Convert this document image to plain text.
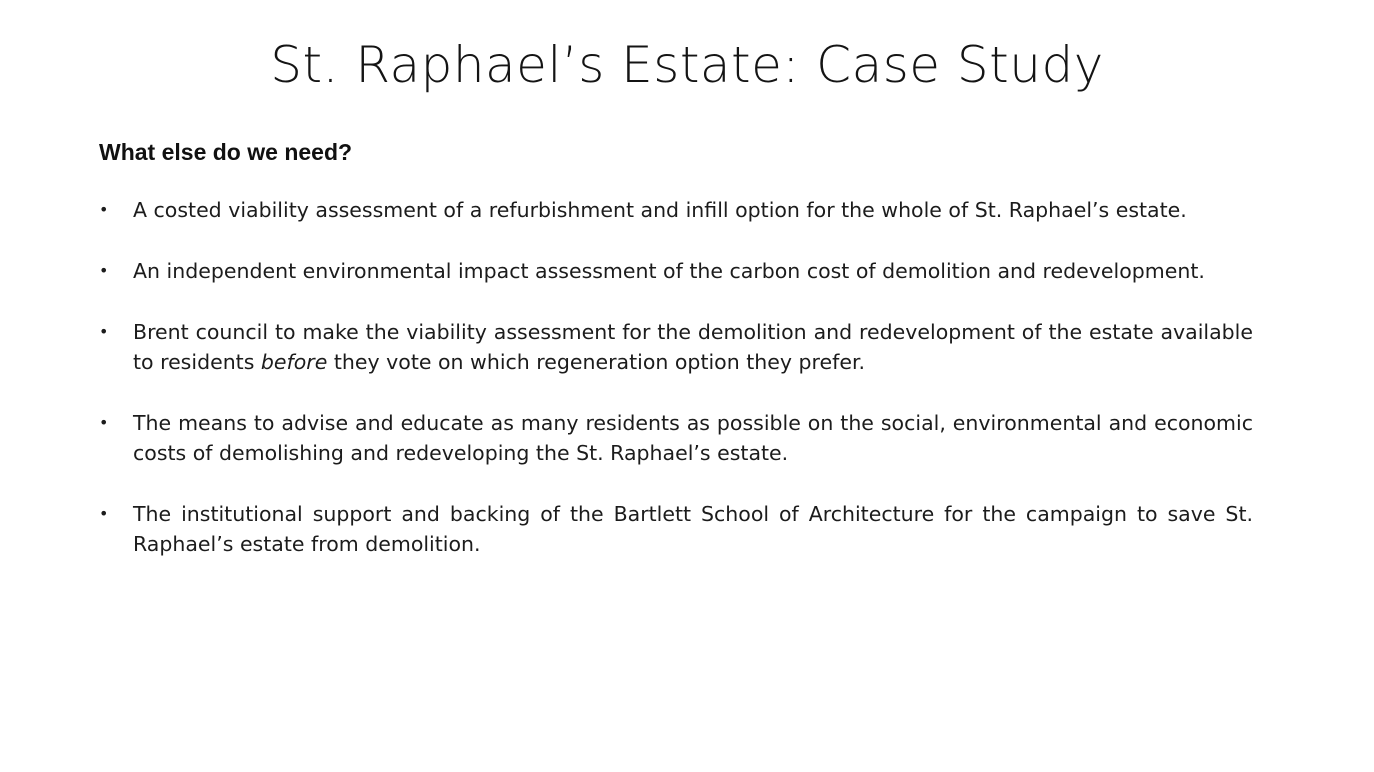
St. Raphael’s Estate: Case Study
What else do we need?
• A costed viability assessment of a refurbishment and infill option for the whole of St. Raphael’s estate.
• An independent environmental impact assessment of the carbon cost of demolition and redevelopment.
• Brent council to make the viability assessment for the demolition and redevelopment of the estate available to residents before they vote on which regeneration option they prefer.
• The means to advise and educate as many residents as possible on the social, environmental and economic costs of demolishing and redeveloping the St. Raphael’s estate.
• The institutional support and backing of the Bartlett School of Architecture for the campaign to save St. Raphael’s estate from demolition.
